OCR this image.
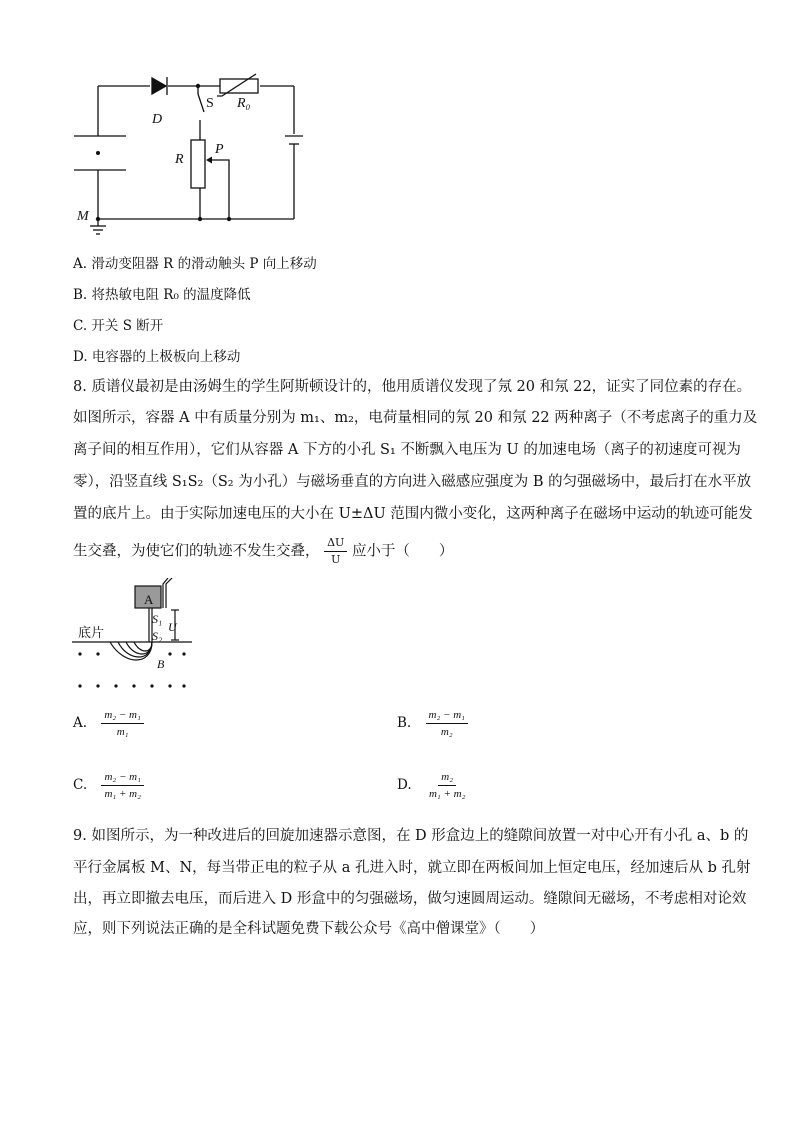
D
S R₀
R
P
M
A. 滑动变阻器 R 的滑动触头 P 向上移动
B. 将热敏电阻 R₀ 的温度降低
C. 开关 S 断开
D. 电容器的上极板向上移动
8. 质谱仪最初是由汤姆生的学生阿斯顿设计的，他用质谱仪发现了氖 20 和氖 22，证实了同位素的存在。
如图所示，容器 A 中有质量分别为 m₁、m₂，电荷量相同的氖 20 和氖 22 两种离子（不考虑离子的重力及
离子间的相互作用），它们从容器 A 下方的小孔 S₁ 不断飘入电压为 U 的加速电场（离子的初速度可视为
零），沿竖直线 S₁S₂（S₂ 为小孔）与磁场垂直的方向进入磁感应强度为 B 的匀强磁场中，最后打在水平放
置的底片上。由于实际加速电压的大小在 U±ΔU 范围内微小变化，这两种离子在磁场中运动的轨迹可能发
生交叠，为使它们的轨迹不发生交叠， $\frac{\Delta U}{U}$ 应小于（　　）
A
底片
S₁
S₂
U
B
A. $\frac{\text{m₂ − m₁}}{\text{m₁}}$	B. $\frac{\text{m₂ − m₁}}{\text{m₂}}$
C. $\frac{\text{m₂ − m₁}}{\text{m₁ + m₂}}$	D. $\frac{\text{m₂}}{\text{m₁ + m₂}}$
9. 如图所示，为一种改进后的回旋加速器示意图，在 D 形盒边上的缝隙间放置一对中心开有小孔 a、b 的
平行金属板 M、N，每当带正电的粒子从 a 孔进入时，就立即在两板间加上恒定电压，经加速后从 b 孔射
出，再立即撤去电压，而后进入 D 形盒中的匀强磁场，做匀速圆周运动。缝隙间无磁场，不考虑相对论效
应，则下列说法正确的是全科试题免费下载公众号《高中僧课堂》（　　）
